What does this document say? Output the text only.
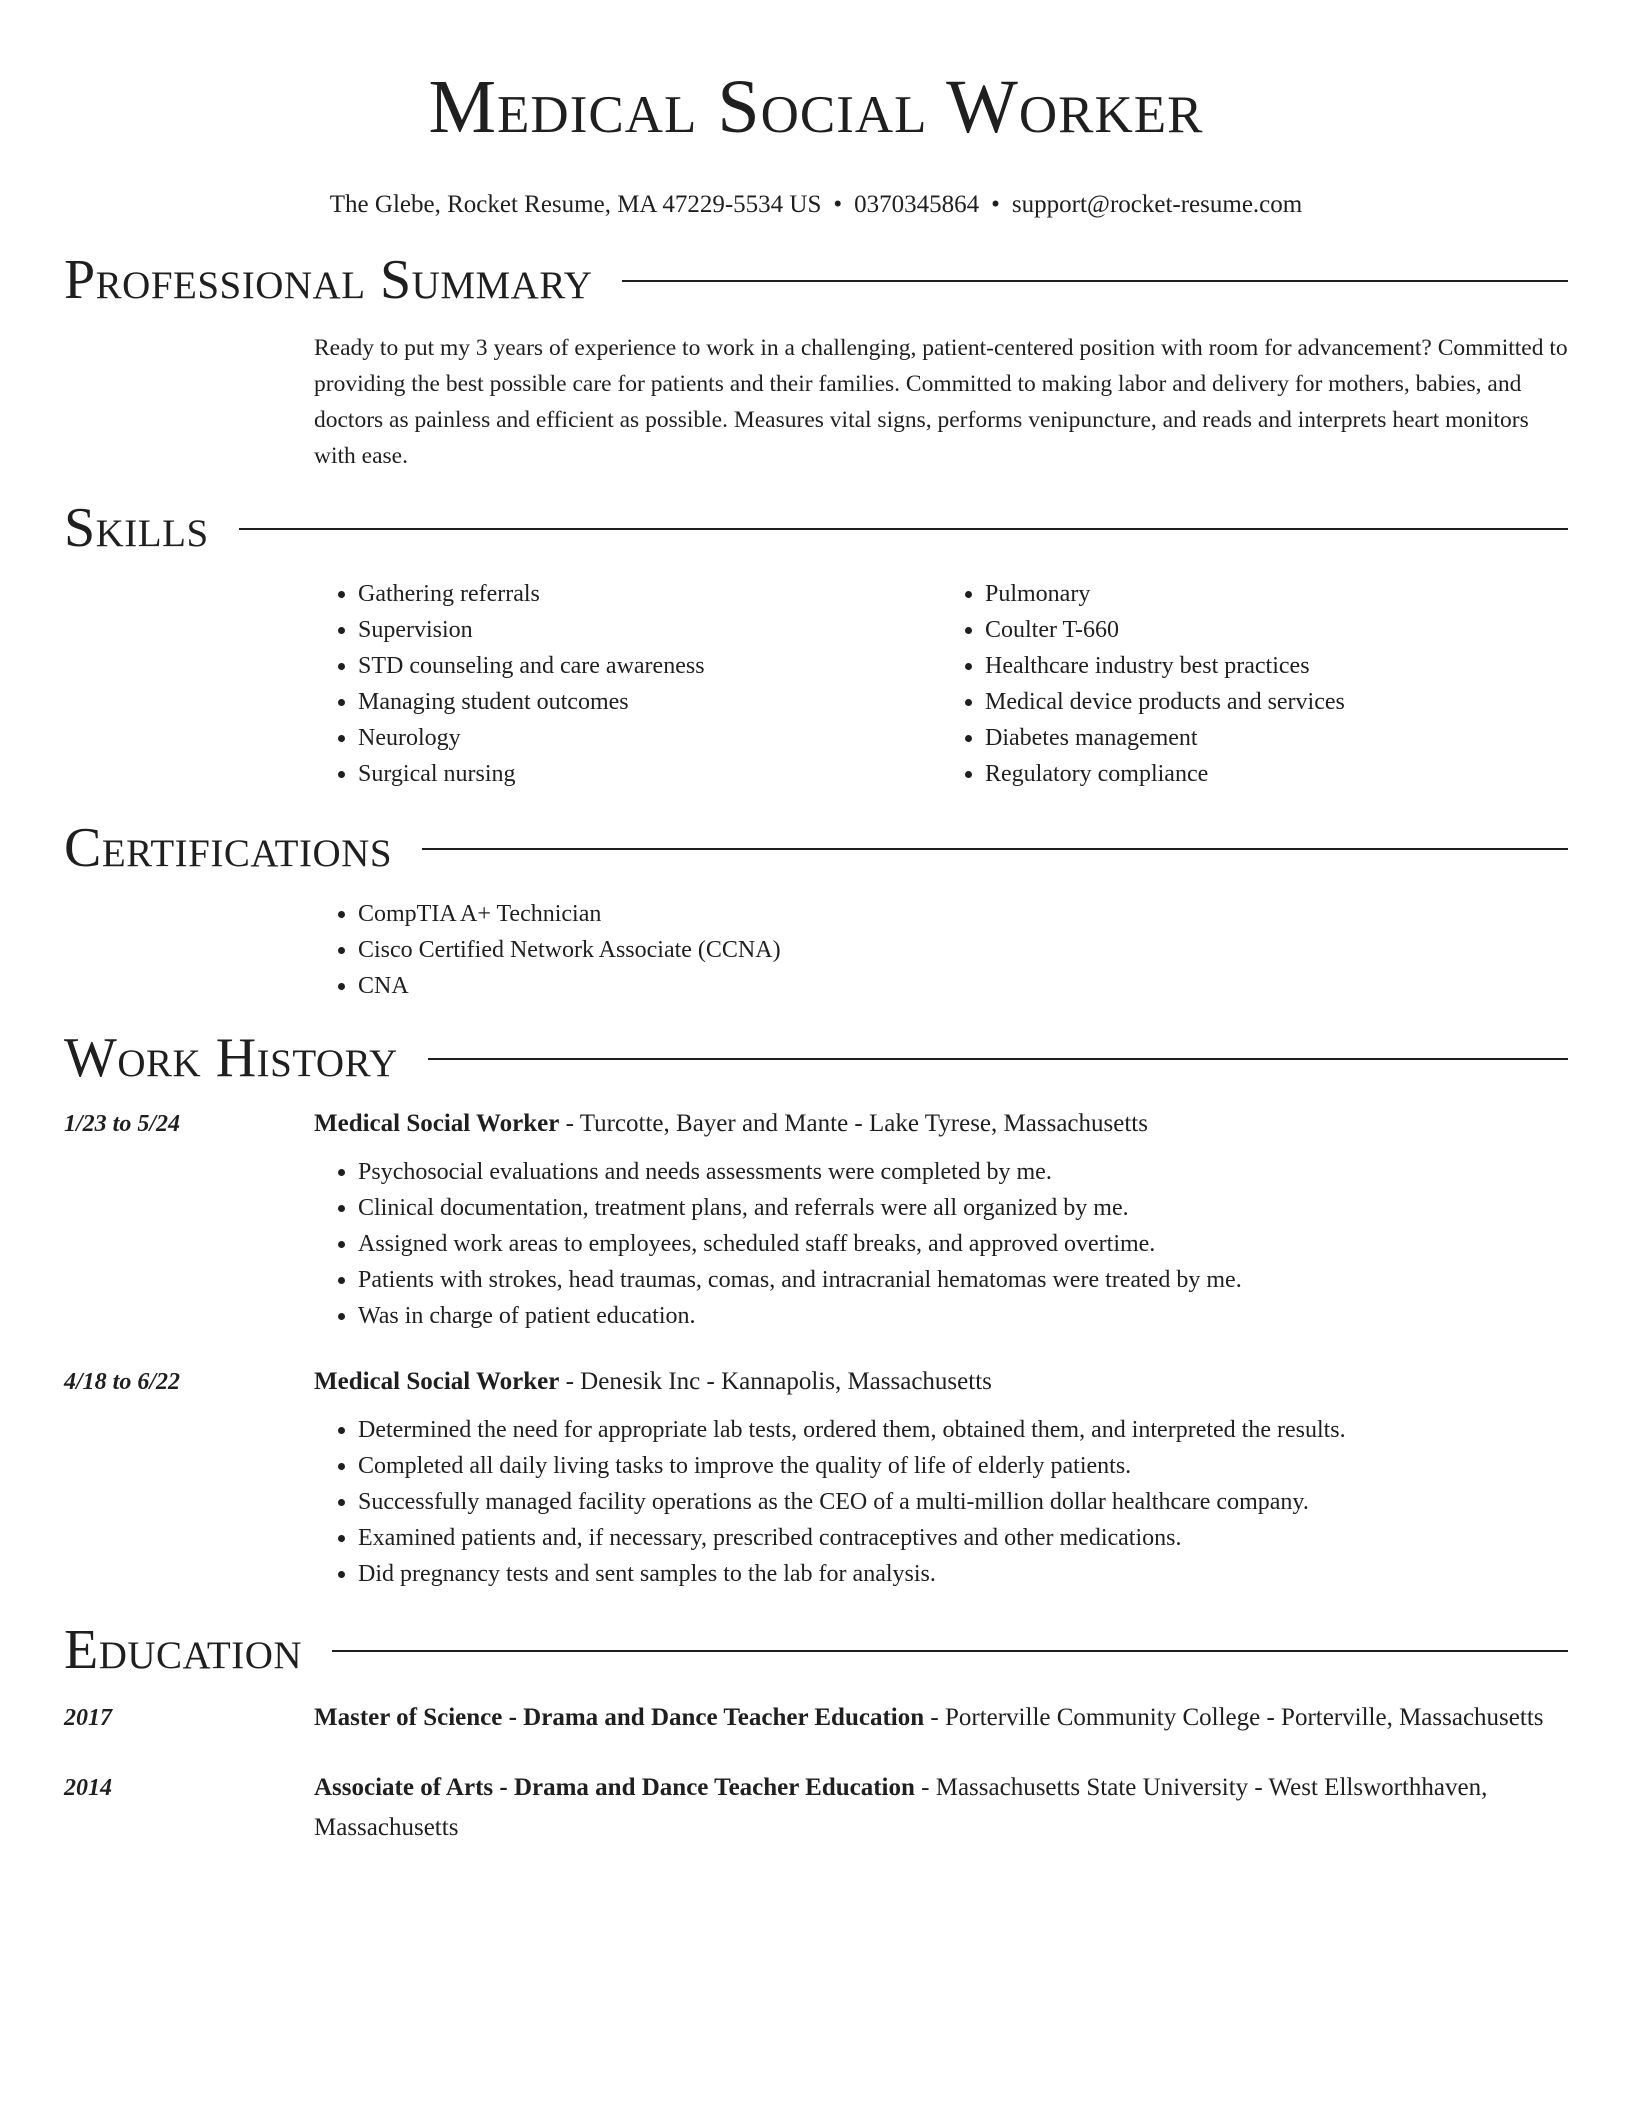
Medical Social Worker
The Glebe, Rocket Resume, MA 47229-5534 US • 0370345864 • support@rocket-resume.com
Professional Summary

Ready to put my 3 years of experience to work in a challenging, patient-centered position with room for advancement? Committed to providing the best possible care for patients and their families. Committed to making labor and delivery for mothers, babies, and doctors as painless and efficient as possible. Measures vital signs, performs venipuncture, and reads and interprets heart monitors with ease.

Skills
• Gathering referrals
• Supervision
• STD counseling and care awareness
• Managing student outcomes
• Neurology
• Surgical nursing
• Pulmonary
• Coulter T-660
• Healthcare industry best practices
• Medical device products and services
• Diabetes management
• Regulatory compliance
Certifications
• CompTIA A+ Technician
• Cisco Certified Network Associate (CCNA)
• CNA
Work History
1/23 to 5/24	Medical Social Worker - Turcotte, Bayer and Mante - Lake Tyrese, Massachusetts
• Psychosocial evaluations and needs assessments were completed by me.
• Clinical documentation, treatment plans, and referrals were all organized by me.
• Assigned work areas to employees, scheduled staff breaks, and approved overtime.
• Patients with strokes, head traumas, comas, and intracranial hematomas were treated by me.
• Was in charge of patient education.
4/18 to 6/22	Medical Social Worker - Denesik Inc - Kannapolis, Massachusetts
• Determined the need for appropriate lab tests, ordered them, obtained them, and interpreted the results.
• Completed all daily living tasks to improve the quality of life of elderly patients.
• Successfully managed facility operations as the CEO of a multi-million dollar healthcare company.
• Examined patients and, if necessary, prescribed contraceptives and other medications.
• Did pregnancy tests and sent samples to the lab for analysis.
Education
2017	Master of Science - Drama and Dance Teacher Education - Porterville Community College - Porterville, Massachusetts
2014	Associate of Arts - Drama and Dance Teacher Education - Massachusetts State University - West Ellsworthhaven, Massachusetts
